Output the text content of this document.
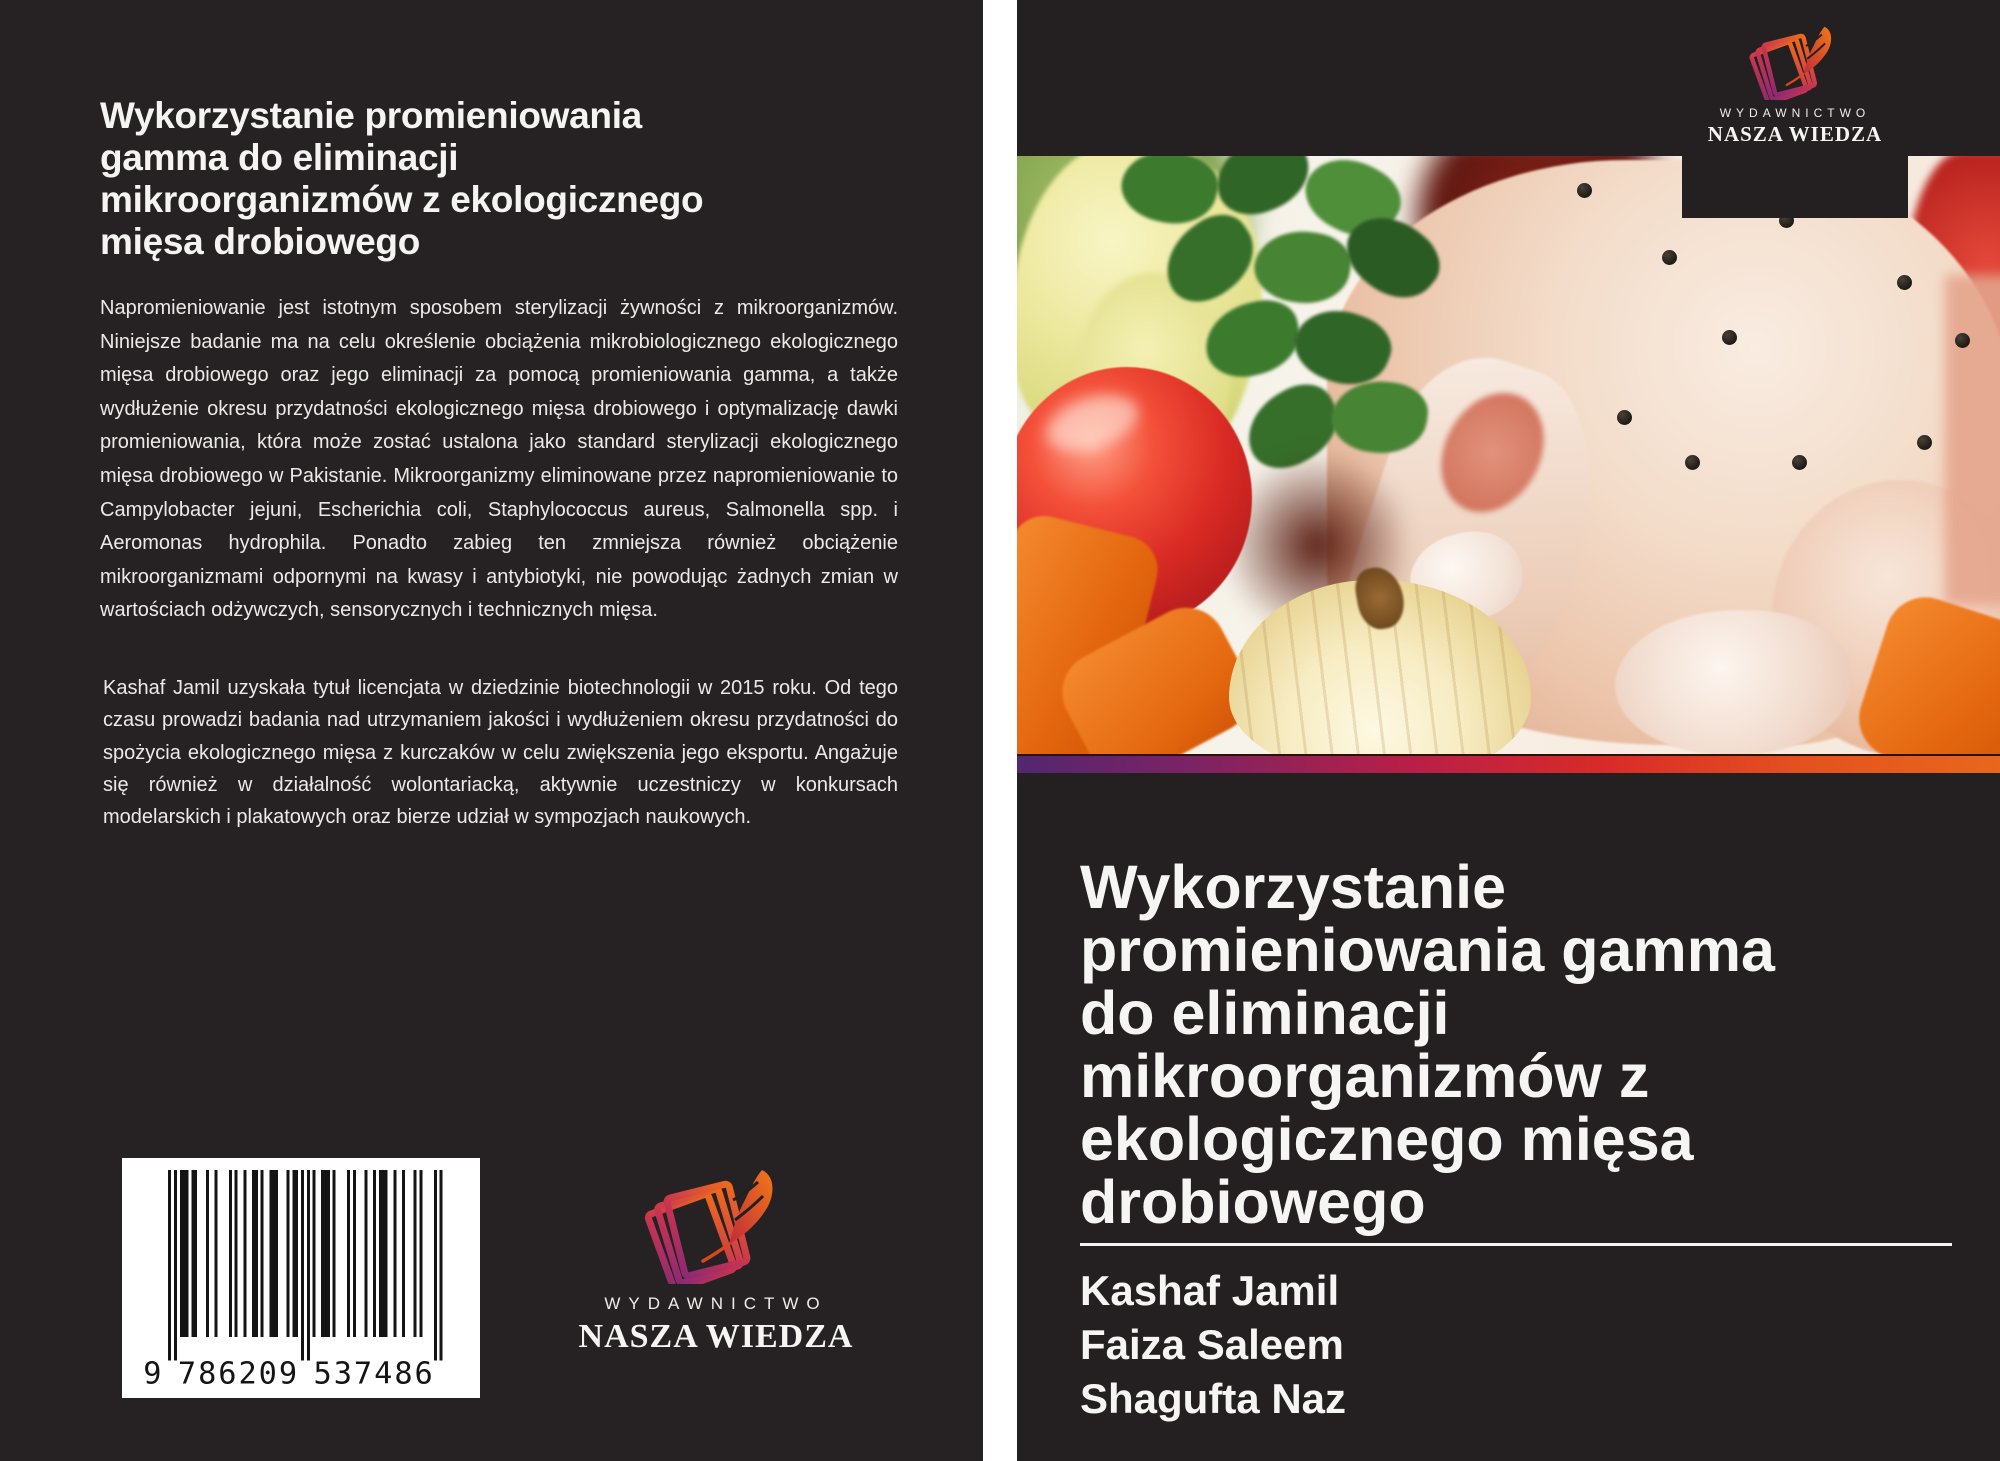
Wykorzystanie promieniowania
gamma do eliminacji
mikroorganizmów z ekologicznego
mięsa drobiowego

Napromieniowanie jest istotnym sposobem sterylizacji żywności z mikroorganizmów. Niniejsze badanie ma na celu określenie obciążenia mikrobiologicznego ekologicznego mięsa drobiowego oraz jego eliminacji za pomocą promieniowania gamma, a także wydłużenie okresu przydatności ekologicznego mięsa drobiowego i optymalizację dawki promieniowania, która może zostać ustalona jako standard sterylizacji ekologicznego mięsa drobiowego w Pakistanie. Mikroorganizmy eliminowane przez napromieniowanie to Campylobacter jejuni, Escherichia coli, Staphylococcus aureus, Salmonella spp. i Aeromonas hydrophila. Ponadto zabieg ten zmniejsza również obciążenie mikroorganizmami odpornymi na kwasy i antybiotyki, nie powodując żadnych zmian w wartościach odżywczych, sensorycznych i technicznych mięsa.

Kashaf Jamil uzyskała tytuł licencjata w dziedzinie biotechnologii w 2015 roku. Od tego czasu prowadzi badania nad utrzymaniem jakości i wydłużeniem okresu przydatności do spożycia ekologicznego mięsa z kurczaków w celu zwiększenia jego eksportu. Angażuje się również w działalność wolontariacką, aktywnie uczestniczy w konkursach modelarskich i plakatowych oraz bierze udział w sympozjach naukowych.

9 7 8 6 2 0 9 5 3 7 4 8 6
WYDAWNICTWO
NASZA WIEDZA
WYDAWNICTWO
NASZA WIEDZA
Wykorzystanie
promieniowania gamma
do eliminacji
mikroorganizmów z
ekologicznego mięsa
drobiowego
Kashaf Jamil
Faiza Saleem
Shagufta Naz
